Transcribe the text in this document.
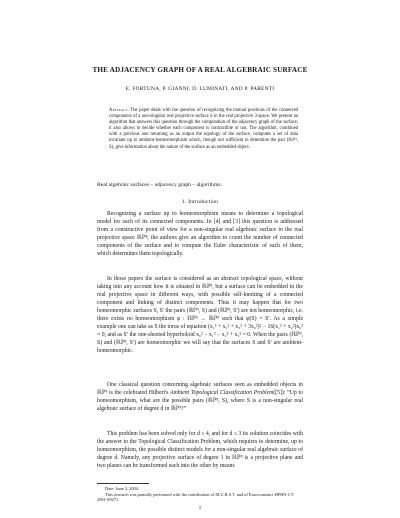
THE ADJACENCY GRAPH OF A REAL ALGEBRAIC SURFACE
E. FORTUNA, P. GIANNI, D. LUMINATI, AND P. PARENTI
Abstract. The paper deals with the question of recognizing the mutual positions of the connected components of a non-singular real projective surface S in the real projective 3-space. We present an algorithm that answers this question through the computation of the adjacency graph of the surface; it also allows to decide whether each component is contractible or not. The algorithm, combined with a previous one returning as an output the topology of the surface, computes a set of data invariant up to ambient-homeomorphism which, though not sufficient to determine the pair (ℝℙ³, S), give information about the nature of the surface as an embedded object.
Real algebraic surfaces – adjacency graph – algorithms.
1. Introduction

Recognizing a surface up to homeomorphism means to determine a topological model for each of its connected components. In [4] and [3] this question is addressed from a constructive point of view for a non-singular real algebraic surface in the real projective space ℝℙ³; the authors give an algorithm to count the number of connected components of the surface and to compute the Euler characteristic of each of them, which determines them topologically.

In those papers the surface is considered as an abstract topological space, without taking into any account how it is situated in ℝℙ³, but a surface can be embedded in the real projective space in different ways, with possible self-knotting of a connected component and linking of distinct components. Thus it may happen that for two homeomorphic surfaces S, S′ the pairs (ℝℙ³, S) and (ℝℙ³, S′) are not homeomorphic, i.e. there exists no homeomorphism φ : ℝℙ³ → ℝℙ³ such that φ(S) = S′. As a simple example one can take as S the torus of equation (x₁² + x₂² + x₃² + 3x₀²)² − 16(x₁² + x₂²)x₀² = 0, and as S′ the one-sheeted hyperboloid x₀² − x₁² − x₂² + x₃² = 0. When the pairs (ℝℙ³, S) and (ℝℙ³, S′) are homeomorphic we will say that the surfaces S and S′ are ambient-homeomorphic.

One classical question concerning algebraic surfaces seen as embedded objects in ℝℙ³ is the celebrated Hilbert's Ambient Topological Classification Problem([5]): “Up to homeomorphism, what are the possible pairs (ℝℙ³, S), where S is a non-singular real algebraic surface of degree d in ℝℙ³?”

This problem has been solved only for d ≤ 4, and for d ≤ 3 its solution coincides with the answer to the Topological Classification Problem, which requires to determine, up to homeomorphism, the possible distinct models for a non-singular real algebraic surface of degree d. Namely, any projective surface of degree 1 in ℝℙ³ is a projective plane and two planes can be transformed each into the other by means

Date: June 3, 2004.
This research was partially performed with the contribution of M.U.R.S.T. and of Euroconstruct HPRN-CT-2001-00271.
1
